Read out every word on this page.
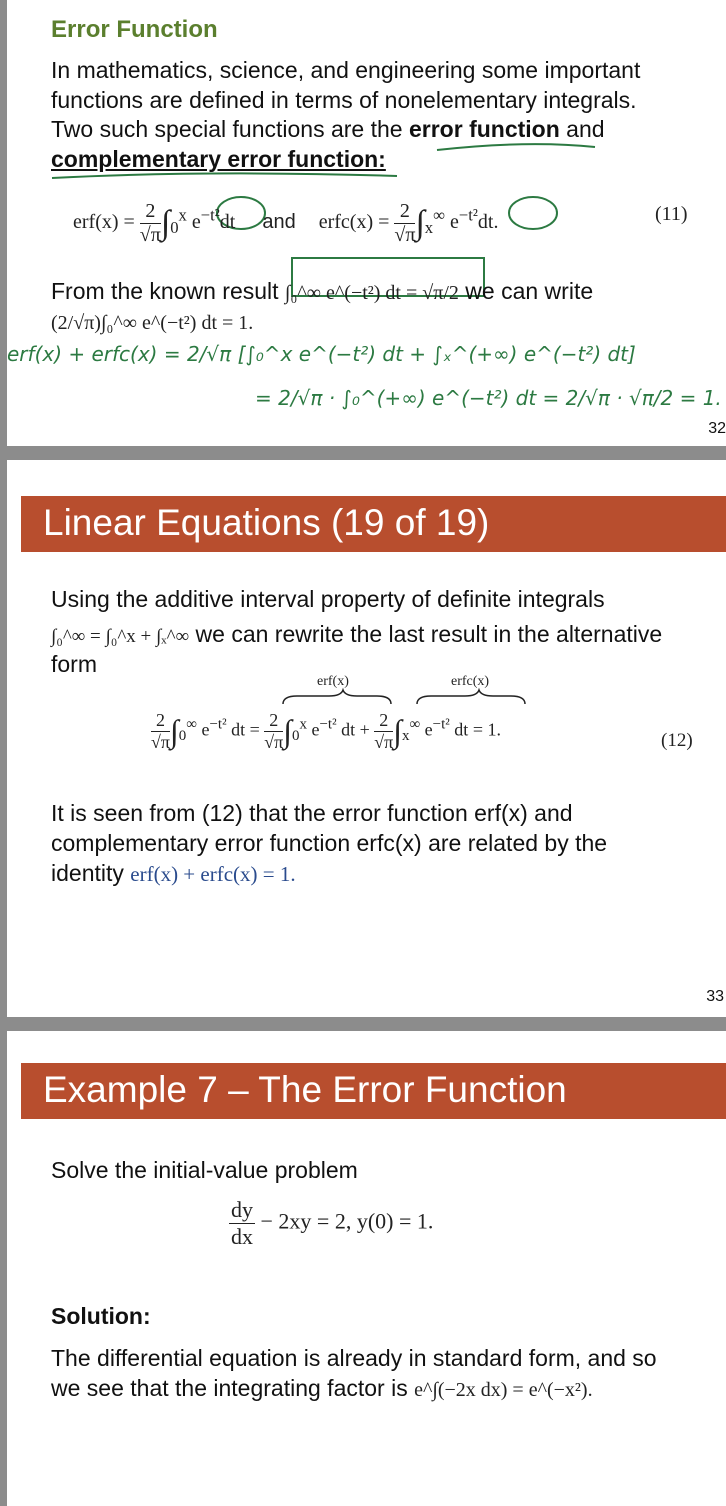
Error Function
In mathematics, science, and engineering some important
functions are defined in terms of nonelementary integrals.
Two such special functions are the error function and
complementary error function:
$erf(x) = \frac{2}{√\pi} \int_0^x$ $e^{-t^2}dt$ and erfc(x) = $\frac{2}{√\pi} \int_x^\infty$ $e^{-t^2}dt$.	(11)
From the known result ∫₀^∞ e^(−t²) dt = √π/2 we can write
(2/√π)∫₀^∞ e^(−t²) dt = 1.
erf(x) + erfc(x) = 2/√π [∫₀^x e^(−t²) dt + ∫ₓ^(+∞) e^(−t²) dt]
= 2/√π · ∫₀^(+∞) e^(−t²) dt = 2/√π · √π/2 = 1.
32
Linear Equations (19 of 19)
Using the additive interval property of definite integrals
∫₀^∞ = ∫₀^x + ∫ₓ^∞ we can rewrite the last result in the alternative
form
erf(x)	erfc(x)
$\frac{2}{√\pi} \int_0^\infty$ $e^{-t^2}$ dt = $\frac{2}{√\pi} \int_0^x$ $e^{-t^2}$ dt + $\frac{2}{√\pi} \int_x^\infty$ $e^{-t^2}$ dt = 1.
(12)
It is seen from (12) that the error function erf(x) and
complementary error function erfc(x) are related by the
identity erf(x) + erfc(x) = 1.
33
Example 7 – The Error Function
Solve the initial-value problem
$\frac{dy}{dx} - 2xy = 2$, y(0) = 1.
Solution:
The differential equation is already in standard form, and so
we see that the integrating factor is e^∫(−2x dx) = e^(−x²).
